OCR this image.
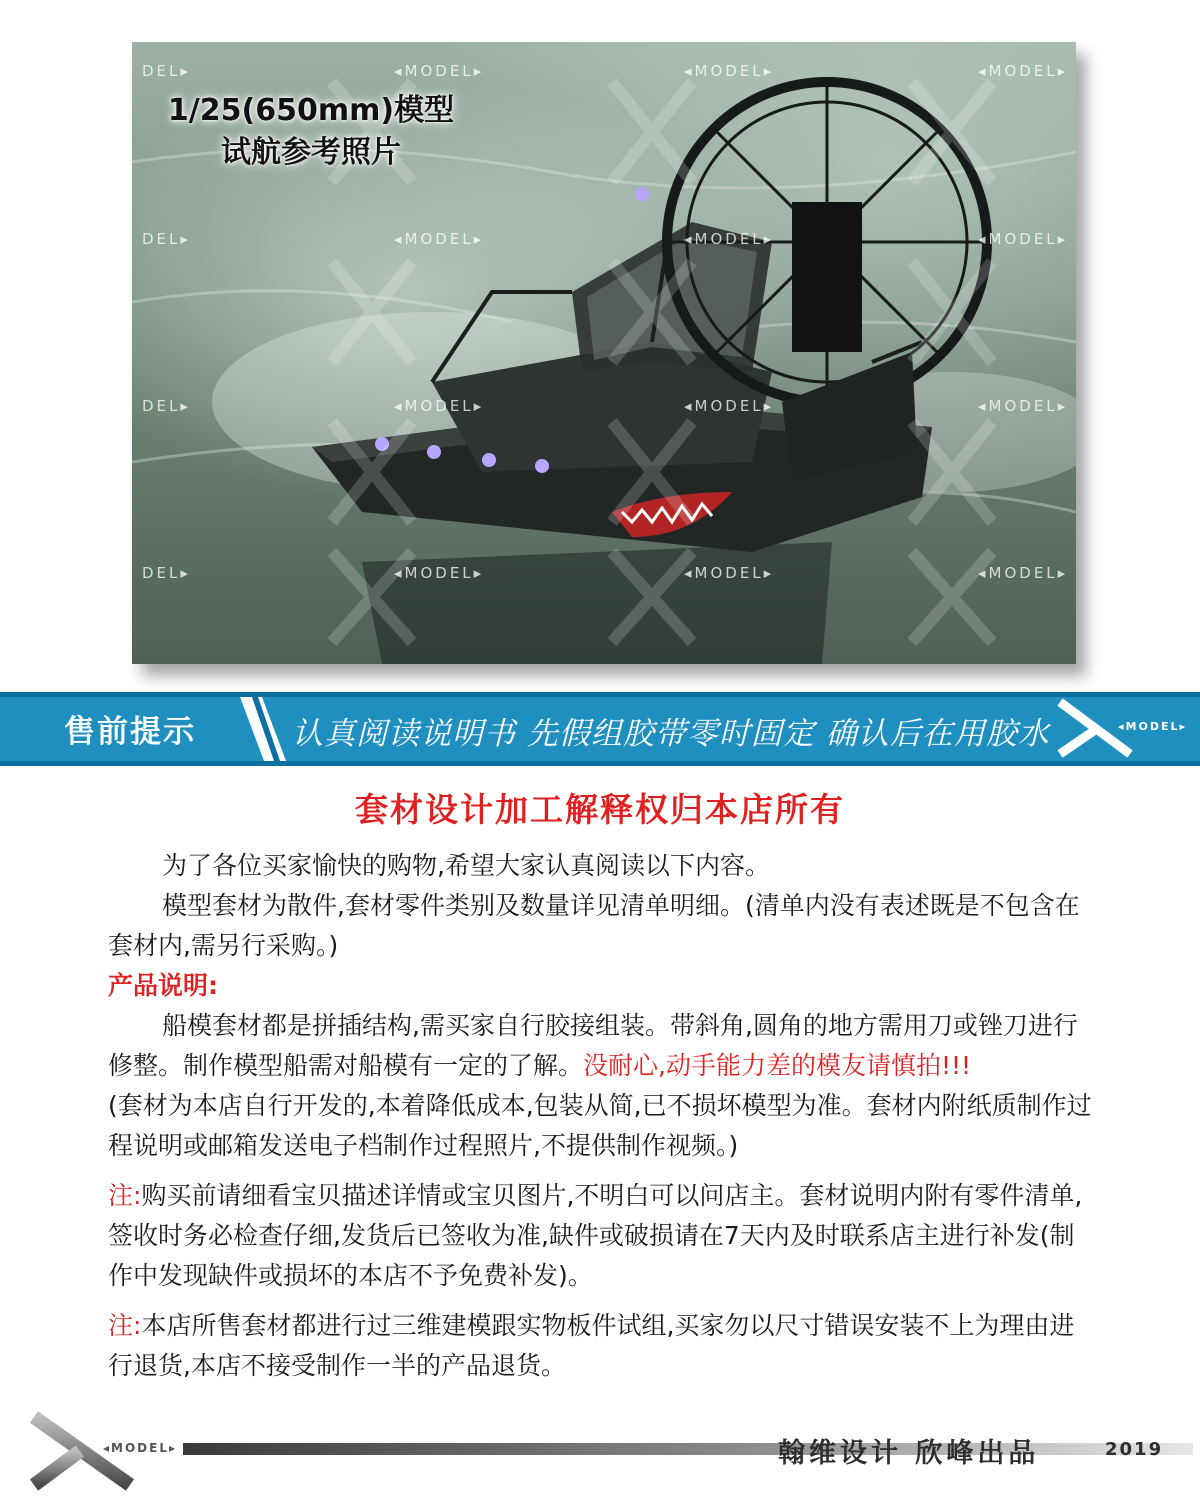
DEL▸	◂MODEL▸	◂MODEL▸	◂MODEL▸
DEL▸	◂MODEL▸	◂MODEL▸	◂MODEL▸
DEL▸	◂MODEL▸	◂MODEL▸	◂MODEL▸
DEL▸	◂MODEL▸	◂MODEL▸	◂MODEL▸
1/25(650mm)模型
试航参考照片
售前提示	认真阅读说明书 先假组胶带零时固定 确认后在用胶水	◂MODEL▸
套材设计加工解释权归本店所有

为了各位买家愉快的购物,希望大家认真阅读以下内容。

模型套材为散件,套材零件类别及数量详见清单明细。(清单内没有表述既是不包含在套材内,需另行采购。)

产品说明:

船模套材都是拼插结构,需买家自行胶接组装。带斜角,圆角的地方需用刀或锉刀进行修整。制作模型船需对船模有一定的了解。没耐心,动手能力差的模友请慎拍!!!

(套材为本店自行开发的,本着降低成本,包装从简,已不损坏模型为准。套材内附纸质制作过程说明或邮箱发送电子档制作过程照片,不提供制作视频。)

注:购买前请细看宝贝描述详情或宝贝图片,不明白可以问店主。套材说明内附有零件清单,签收时务必检查仔细,发货后已签收为准,缺件或破损请在7天内及时联系店主进行补发(制作中发现缺件或损坏的本店不予免费补发)。

注:本店所售套材都进行过三维建模跟实物板件试组,买家勿以尺寸错误安装不上为理由进行退货,本店不接受制作一半的产品退货。

◂MODEL▸	翰维设计 欣峰出品	2019
